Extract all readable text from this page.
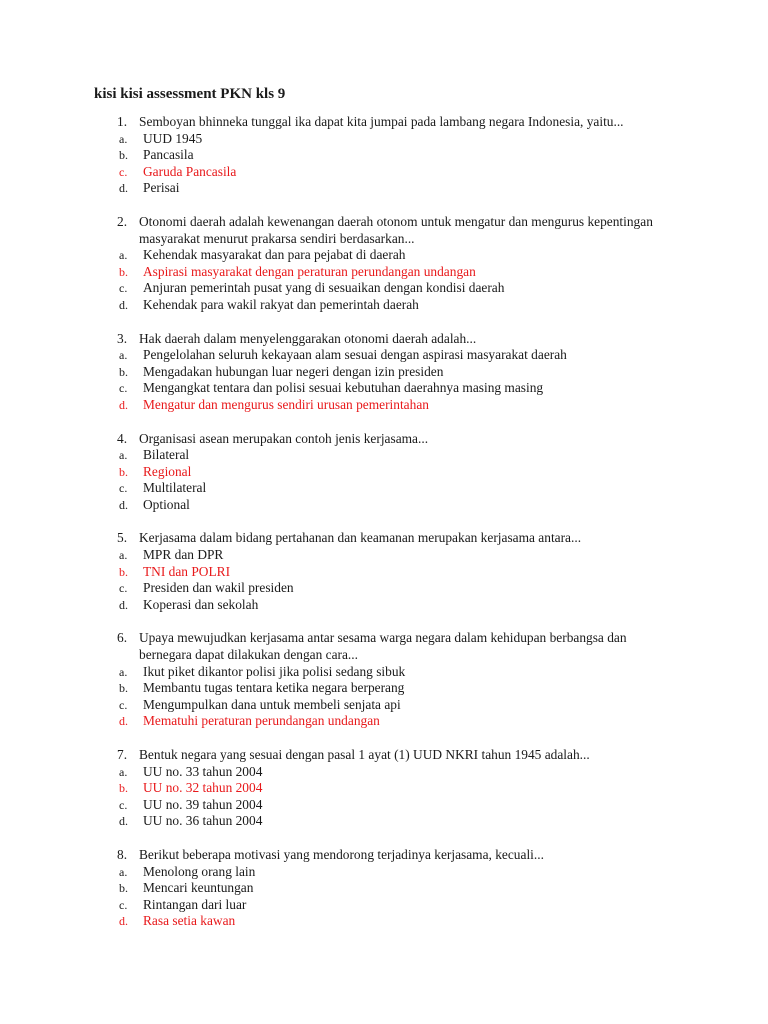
kisi kisi assessment PKN kls 9
1. Semboyan bhinneka tunggal ika dapat kita jumpai pada lambang negara Indonesia, yaitu...
a. UUD 1945
b. Pancasila
c. Garuda Pancasila
d. Perisai
2. Otonomi daerah adalah kewenangan daerah otonom untuk mengatur dan mengurus kepentingan masyarakat menurut prakarsa sendiri berdasarkan...
a. Kehendak masyarakat dan para pejabat di daerah
b. Aspirasi masyarakat dengan peraturan perundangan undangan
c. Anjuran pemerintah pusat yang di sesuaikan dengan kondisi daerah
d. Kehendak para wakil rakyat dan pemerintah daerah
3. Hak daerah dalam menyelenggarakan otonomi daerah adalah...
a. Pengelolahan seluruh kekayaan alam sesuai dengan aspirasi masyarakat daerah
b. Mengadakan hubungan luar negeri dengan izin presiden
c. Mengangkat tentara dan polisi sesuai kebutuhan daerahnya masing masing
d. Mengatur dan mengurus sendiri urusan pemerintahan
4. Organisasi asean merupakan contoh jenis kerjasama...
a. Bilateral
b. Regional
c. Multilateral
d. Optional
5. Kerjasama dalam bidang pertahanan dan keamanan merupakan kerjasama antara...
a. MPR dan DPR
b. TNI dan POLRI
c. Presiden dan wakil presiden
d. Koperasi dan sekolah
6. Upaya mewujudkan kerjasama antar sesama warga negara dalam kehidupan berbangsa dan bernegara dapat dilakukan dengan cara...
a. Ikut piket dikantor polisi jika polisi sedang sibuk
b. Membantu tugas tentara ketika negara berperang
c. Mengumpulkan dana untuk membeli senjata api
d. Mematuhi peraturan perundangan undangan
7. Bentuk negara yang sesuai dengan pasal 1 ayat (1) UUD NKRI tahun 1945 adalah...
a. UU no. 33 tahun 2004
b. UU no. 32 tahun 2004
c. UU no. 39 tahun 2004
d. UU no. 36 tahun 2004
8. Berikut beberapa motivasi yang mendorong terjadinya kerjasama, kecuali...
a. Menolong orang lain
b. Mencari keuntungan
c. Rintangan dari luar
d. Rasa setia kawan
